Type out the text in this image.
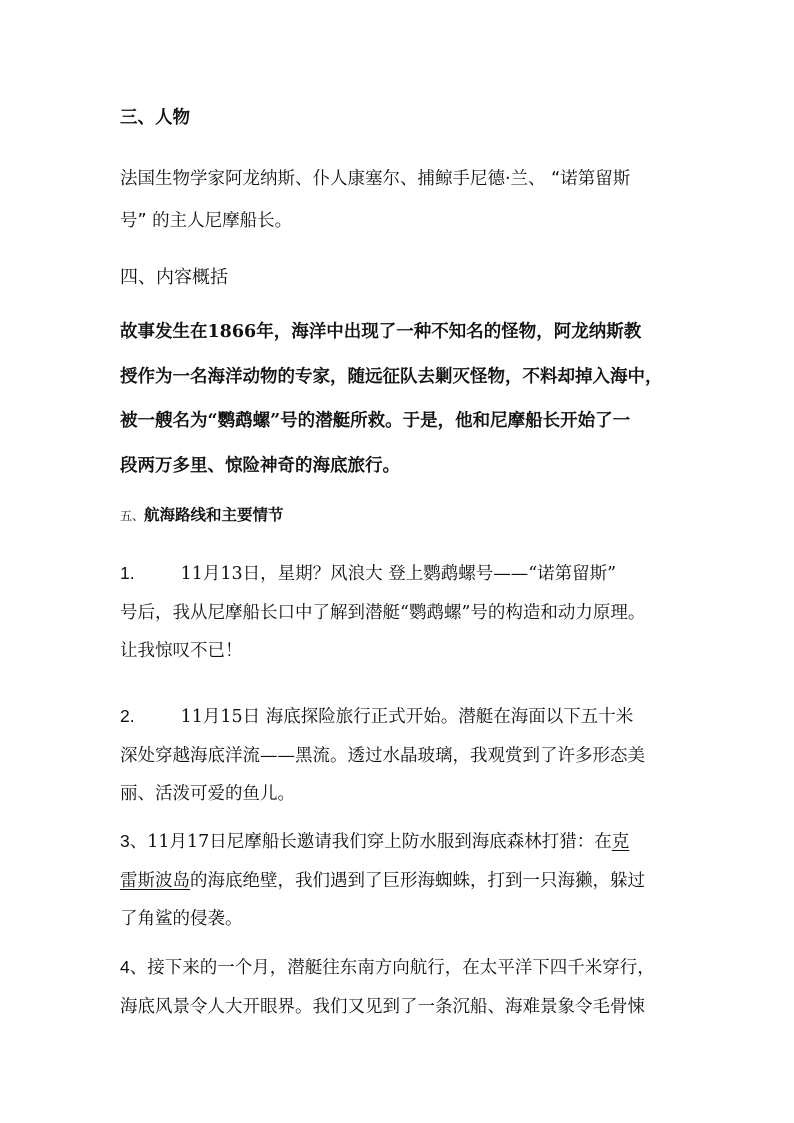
三、人物
法国生物学家阿龙纳斯、仆人康塞尔、捕鲸手尼德·兰、 “诺第留斯
号” 的主人尼摩船长。
四、内容概括
故事发生在1866年，海洋中出现了一种不知名的怪物，阿龙纳斯教
授作为一名海洋动物的专家，随远征队去剿灭怪物，不料却掉入海中，
被一艘名为“鹦鹉螺”号的潜艇所救。于是，他和尼摩船长开始了一
段两万多里、惊险神奇的海底旅行。
五、航海路线和主要情节
1.	11月13日，星期？风浪大 登上鹦鹉螺号——“诺第留斯”
号后，我从尼摩船长口中了解到潜艇“鹦鹉螺”号的构造和动力原理。
让我惊叹不已！
2.	11月15日 海底探险旅行正式开始。潜艇在海面以下五十米
深处穿越海底洋流——黑流。透过水晶玻璃，我观赏到了许多形态美
丽、活泼可爱的鱼儿。
3、11月17日尼摩船长邀请我们穿上防水服到海底森林打猎：在克
雷斯波岛的海底绝壁，我们遇到了巨形海蜘蛛，打到一只海獭，躲过
了角鲨的侵袭。
4、接下来的一个月，潜艇往东南方向航行，在太平洋下四千米穿行，
海底风景令人大开眼界。我们又见到了一条沉船、海难景象令毛骨悚
